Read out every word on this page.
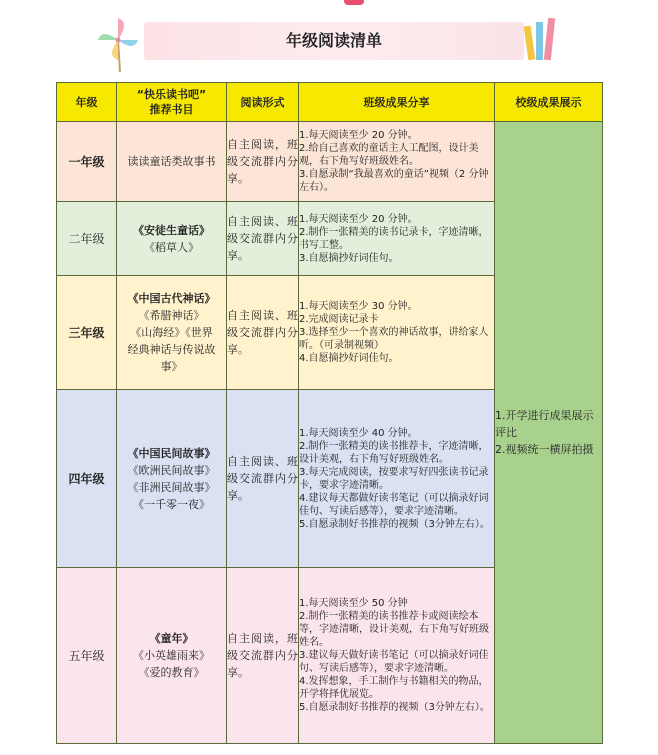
年级阅读清单
年级	“快乐读书吧”
推荐书目	阅读形式	班级成果分享	校级成果展示
一年级	读读童话类故事书	自主阅读，班级交流群内分享。	1.每天阅读至少 20 分钟。
2.给自己喜欢的童话主人工配图，设计美观，右下角写好班级姓名。
3.自愿录制“我最喜欢的童话”视频（2 分钟左右）。	1.开学进行成果展示评比
2.视频统一横屏拍摄

二年级	《安徒生童话》
《稻草人》	自主阅读、班级交流群内分享。	1.每天阅读至少 20 分钟。
2.制作一张精美的读书记录卡，字迹清晰，书写工整。
3.自愿摘抄好词佳句。	

三年级	《中国古代神话》
《希腊神话》
《山海经》《世界
经典神话与传说故
事》	自主阅读、班级交流群内分享。	1.每天阅读至少 30 分钟。
2.完成阅读记录卡
3.选择至少一个喜欢的神话故事，讲给家人听。（可录制视频）
4.自愿摘抄好词佳句。	

四年级	《中国民间故事》
《欧洲民间故事》
《非洲民间故事》
《一千零一夜》	自主阅读、班级交流群内分享。	1.每天阅读至少 40 分钟。
2.制作一张精美的读书推荐卡，字迹清晰，设计美观，右下角写好班级姓名。
3.每天完成阅读，按要求写好四张读书记录卡，要求字迹清晰。
4.建议每天都做好读书笔记（可以摘录好词佳句、写读后感等），要求字迹清晰。
5.自愿录制好书推荐的视频（3分钟左右）。	

五年级	《童年》
《小英雄雨来》
《爱的教育》	自主阅读，班级交流群内分享。	1.每天阅读至少 50 分钟
2.制作一张精美的读书推荐卡或阅读绘本等，字迹清晰，设计美观，右下角写好班级姓名。
3.建议每天做好读书笔记（可以摘录好词佳句、写读后感等），要求字迹清晰。
4.发挥想象，手工制作与书籍相关的物品，开学将择优展览。
5.自愿录制好书推荐的视频（3分钟左右）。	
